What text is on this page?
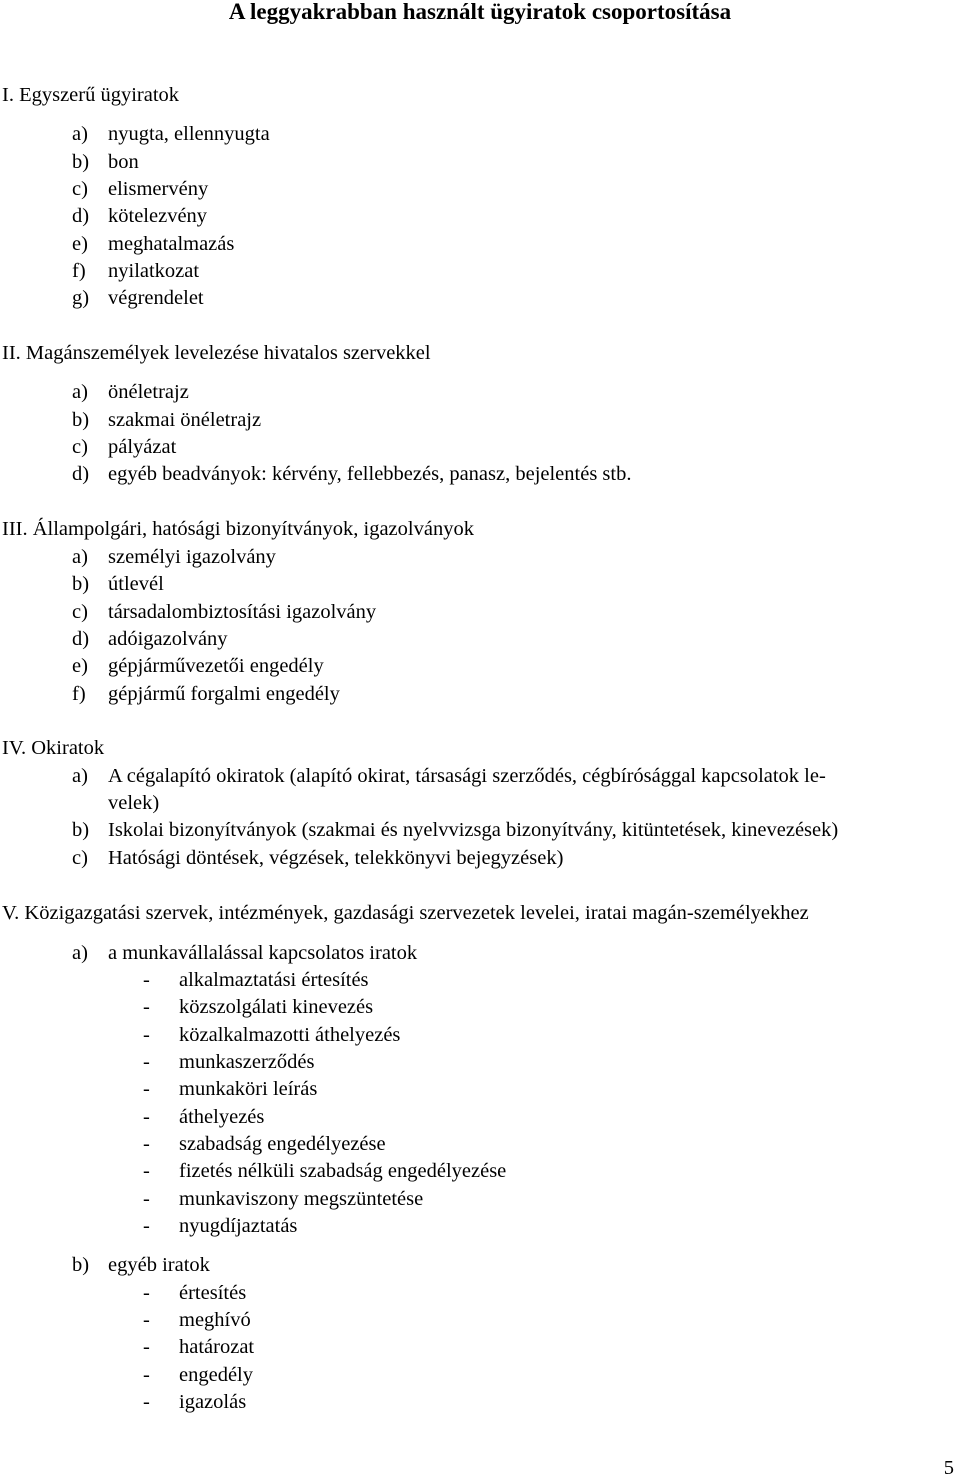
A leggyakrabban használt ügyiratok csoportosítása
I. Egyszerű ügyiratok
a) nyugta, ellennyugta
b) bon
c) elismervény
d) kötelezvény
e) meghatalmazás
f) nyilatkozat
g) végrendelet
II. Magánszemélyek levelezése hivatalos szervekkel
a) önéletrajz
b) szakmai önéletrajz
c) pályázat
d) egyéb beadványok: kérvény, fellebbezés, panasz, bejelentés stb.
III. Állampolgári, hatósági bizonyítványok, igazolványok
a) személyi igazolvány
b) útlevél
c) társadalombiztosítási igazolvány
d) adóigazolvány
e) gépjárművezetői engedély
f) gépjármű forgalmi engedély
IV. Okiratok
a) A cégalapító okiratok (alapító okirat, társasági szerződés, cégbírósággal kapcsolatok le-
velek)
b) Iskolai bizonyítványok (szakmai és nyelvvizsga bizonyítvány, kitüntetések, kinevezések)
c) Hatósági döntések, végzések, telekkönyvi bejegyzések)
V. Közigazgatási szervek, intézmények, gazdasági szervezetek levelei, iratai magán-személyekhez
a) a munkavállalással kapcsolatos iratok
- alkalmaztatási értesítés
- közszolgálati kinevezés
- közalkalmazotti áthelyezés
- munkaszerződés
- munkaköri leírás
- áthelyezés
- szabadság engedélyezése
- fizetés nélküli szabadság engedélyezése
- munkaviszony megszüntetése
- nyugdíjaztatás
b) egyéb iratok
- értesítés
- meghívó
- határozat
- engedély
- igazolás
5
